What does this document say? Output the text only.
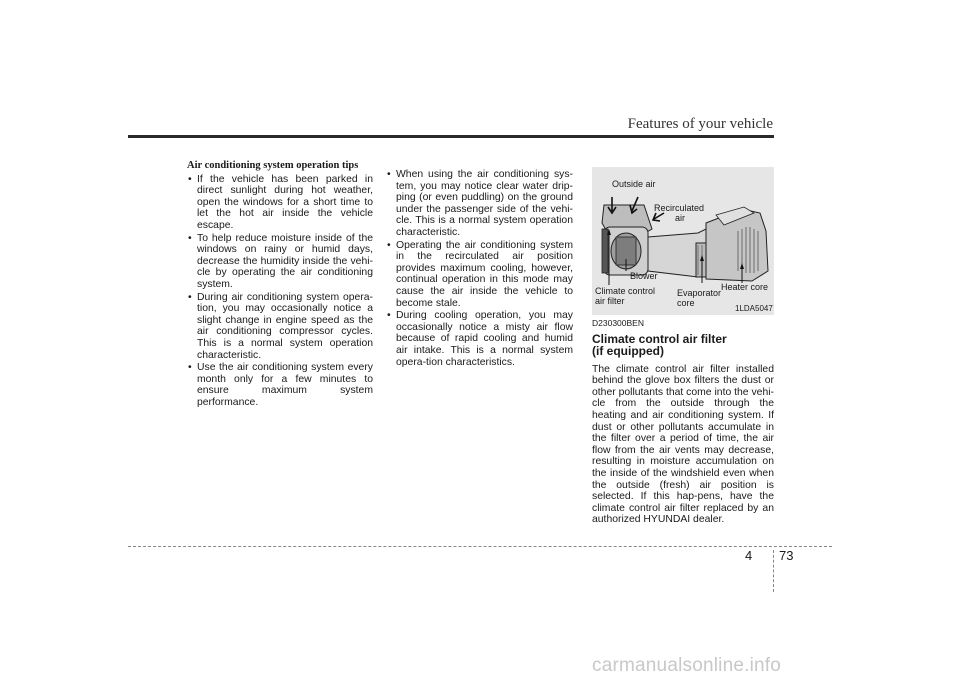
Features of your vehicle
Air conditioning system operation tips
• If the vehicle has been parked in direct sunlight during hot weather, open the windows for a short time to let the hot air inside the vehicle escape.
• To help reduce moisture inside of the windows on rainy or humid days, decrease the humidity inside the vehi-cle by operating the air conditioning system.
• During air conditioning system opera-tion, you may occasionally notice a slight change in engine speed as the air conditioning compressor cycles. This is a normal system operation characteristic.
• Use the air conditioning system every month only for a few minutes to ensure maximum system performance.
• When using the air conditioning sys-tem, you may notice clear water drip-ping (or even puddling) on the ground under the passenger side of the vehi-cle. This is a normal system operation characteristic.
• Operating the air conditioning system in the recirculated air position provides maximum cooling, however, continual operation in this mode may cause the air inside the vehicle to become stale.
• During cooling operation, you may occasionally notice a misty air flow because of rapid cooling and humid air intake. This is a normal system opera-tion characteristics.
Outside air
Recirculated
air
Blower
Climate control
air filter
Evaporator
core
Heater core
1LDA5047
D230300BEN
Climate control air filter
(if equipped)

The climate control air filter installed behind the glove box filters the dust or other pollutants that come into the vehi-cle from the outside through the heating and air conditioning system. If dust or other pollutants accumulate in the filter over a period of time, the air flow from the air vents may decrease, resulting in moisture accumulation on the inside of the windshield even when the outside (fresh) air position is selected. If this hap-pens, have the climate control air filter replaced by an authorized HYUNDAI dealer.

4 73
carmanualsonline.info
